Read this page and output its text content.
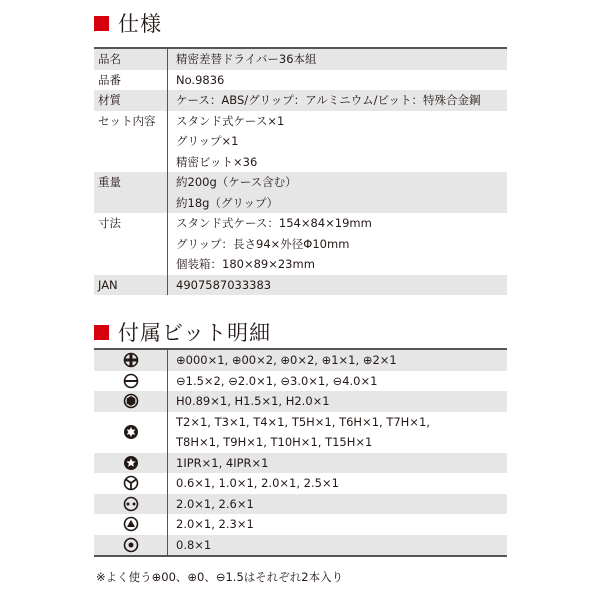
仕様
品名	精密差替ドライバー36本組

品番	No.9836

材質	ケース：ABS/グリップ：アルミニウム/ビット：特殊合金鋼

セット内容	スタンド式ケース×1
グリップ×1
精密ビット×36

重量	約200g（ケース含む）
約18g（グリップ）

寸法	スタンド式ケース：154×84×19mm
グリップ：長さ94×外径Φ10mm
個装箱：180×89×23mm

JAN	4907587033383
付属ビット明細

⊕000×1, ⊕00×2, ⊕0×2, ⊕1×1, ⊕2×1

⊖1.5×2, ⊖2.0×1, ⊖3.0×1, ⊖4.0×1

H0.89×1, H1.5×1, H2.0×1

T2×1, T3×1, T4×1, T5H×1, T6H×1, T7H×1,
T8H×1, T9H×1, T10H×1, T15H×1

1IPR×1, 4IPR×1

0.6×1, 1.0×1, 2.0×1, 2.5×1

2.0×1, 2.6×1

2.0×1, 2.3×1

0.8×1
※よく使う⊕00、⊕0、⊖1.5はそれぞれ2本入り
